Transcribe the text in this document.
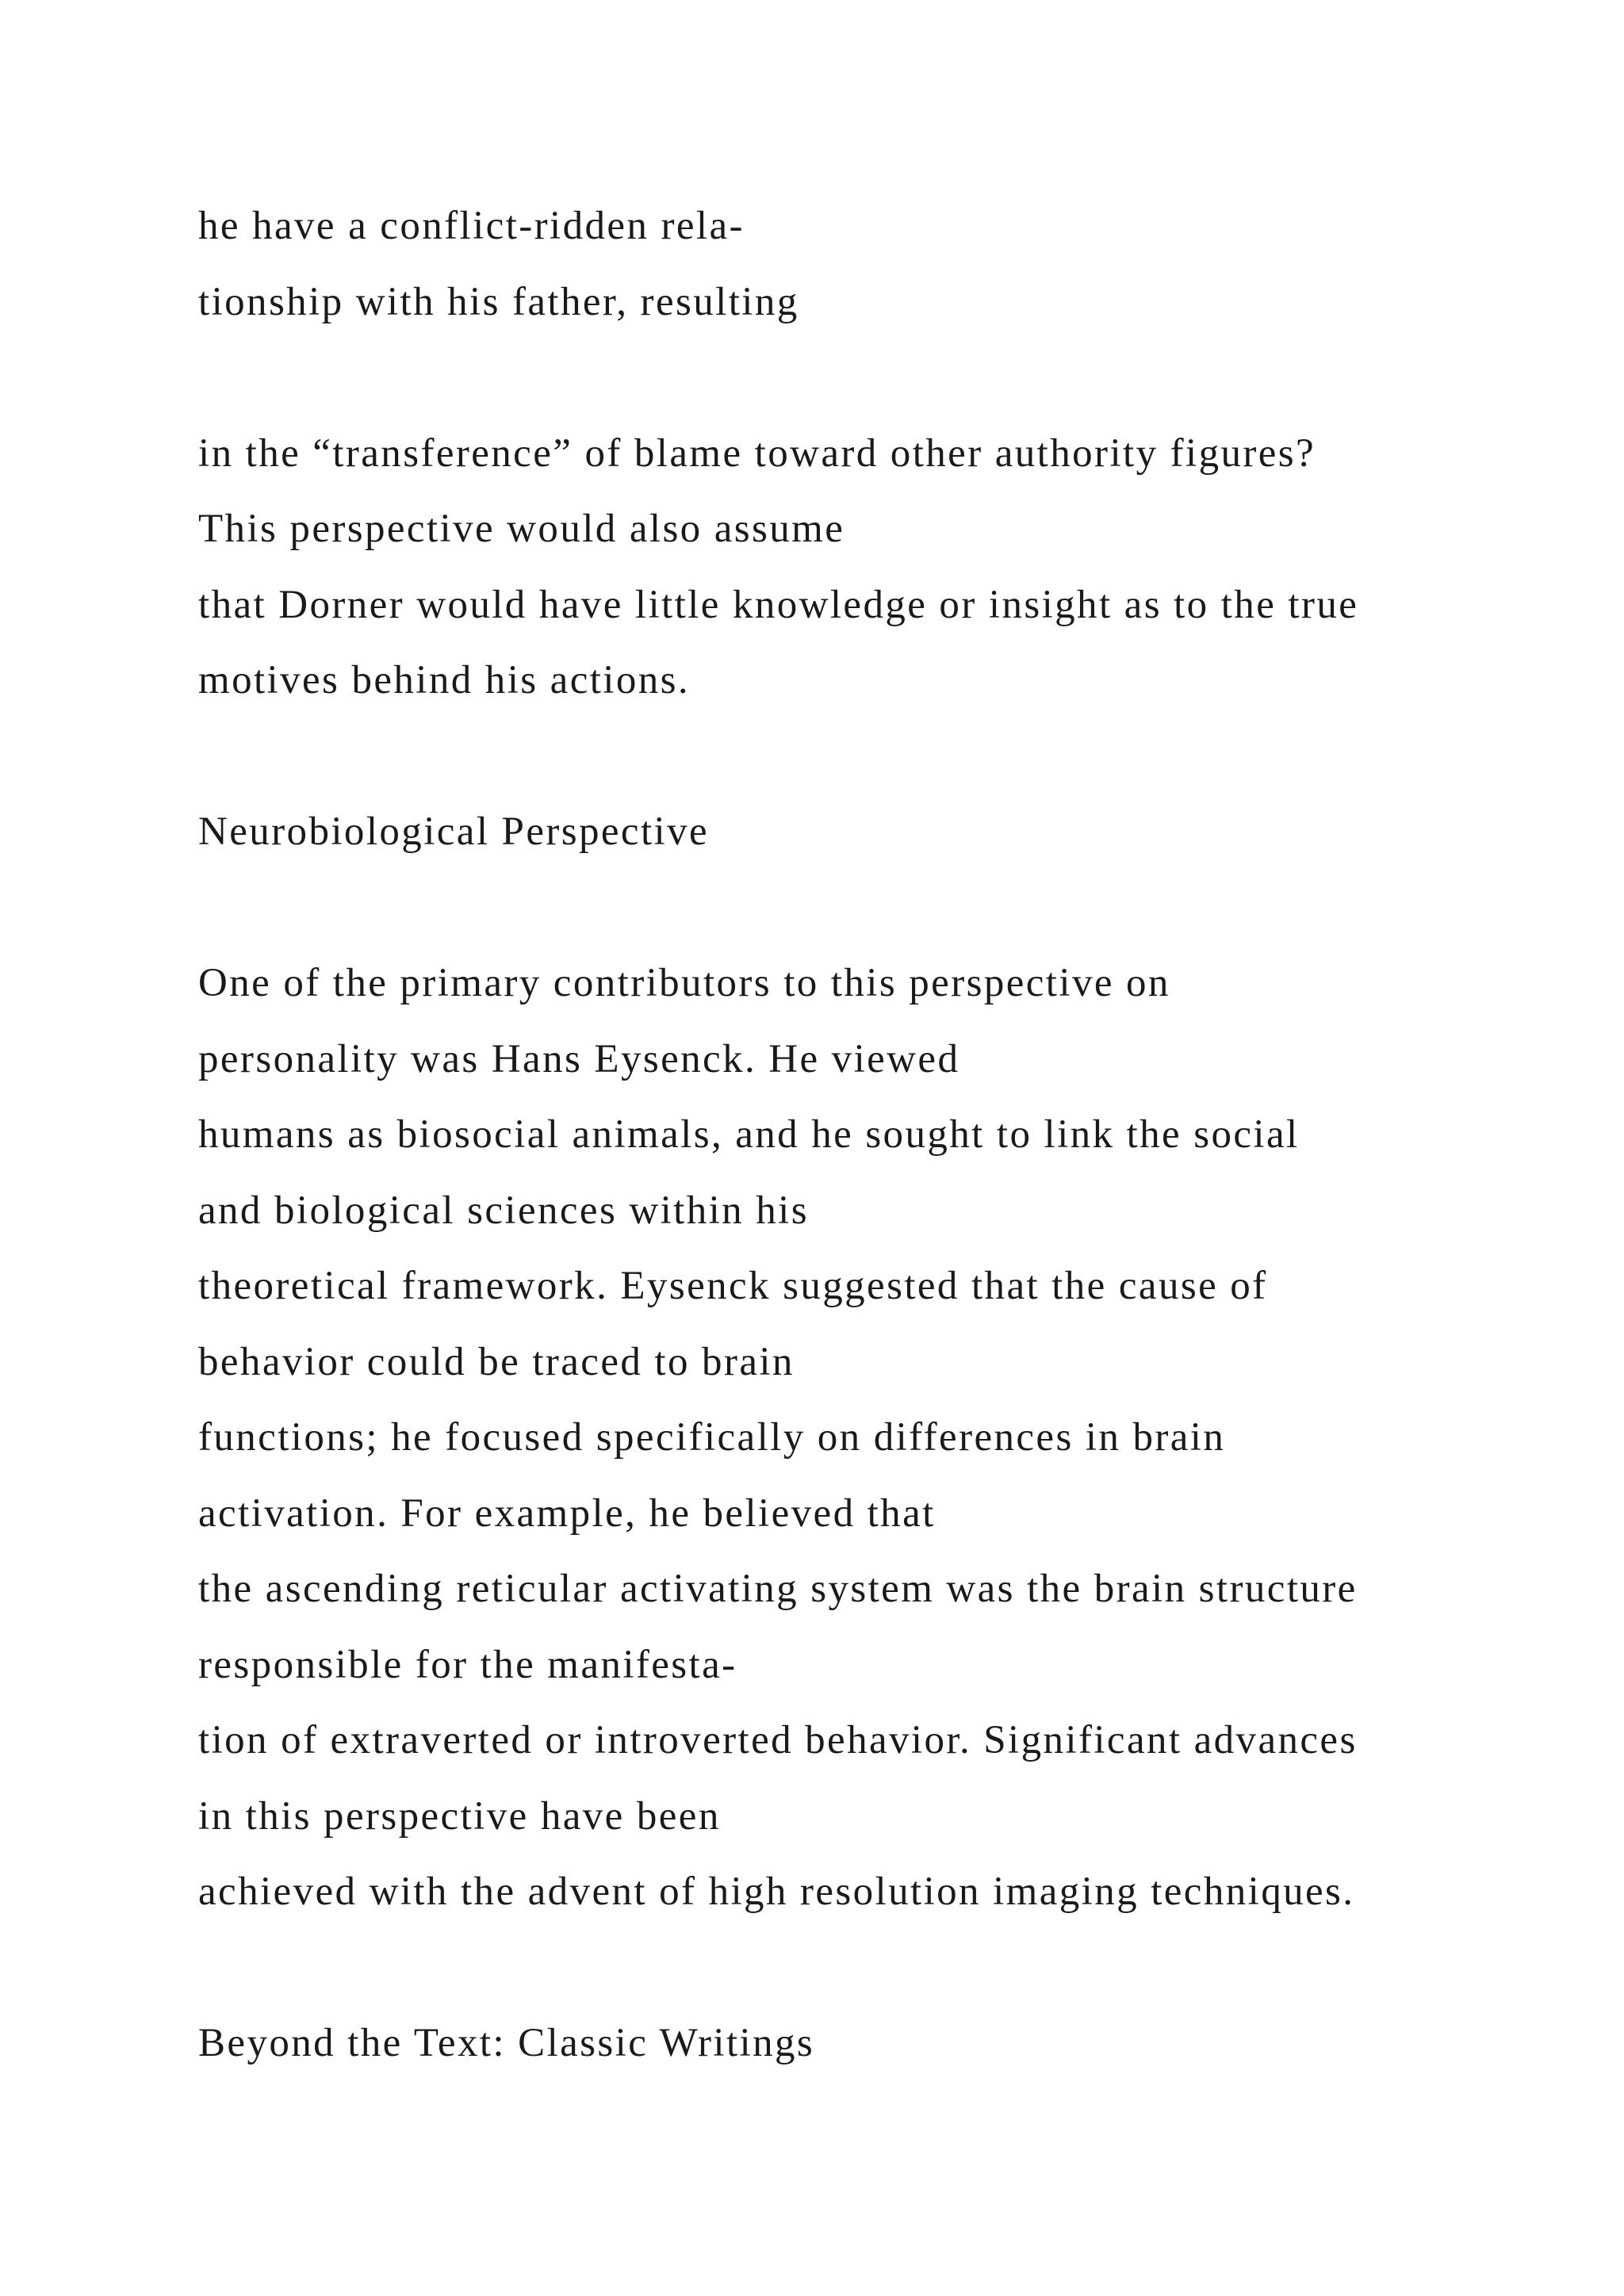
he have a conflict-ridden rela-
tionship with his father, resulting
in the “transference” of blame toward other authority figures?
This perspective would also assume
that Dorner would have little knowledge or insight as to the true
motives behind his actions.
Neurobiological Perspective
One of the primary contributors to this perspective on
personality was Hans Eysenck. He viewed
humans as biosocial animals, and he sought to link the social
and biological sciences within his
theoretical framework. Eysenck suggested that the cause of
behavior could be traced to brain
functions; he focused specifically on differences in brain
activation. For example, he believed that
the ascending reticular activating system was the brain structure
responsible for the manifesta-
tion of extraverted or introverted behavior. Significant advances
in this perspective have been
achieved with the advent of high resolution imaging techniques.
Beyond the Text: Classic Writings
